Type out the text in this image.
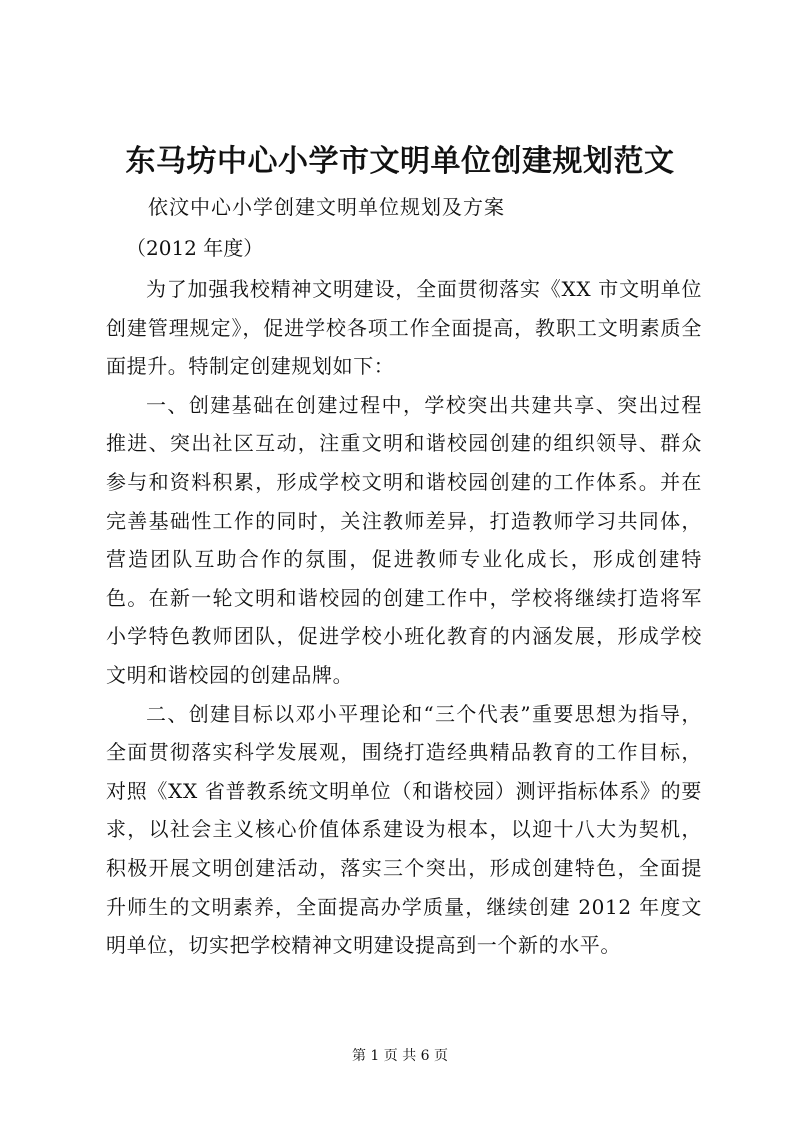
东马坊中心小学市文明单位创建规划范文

依汶中心小学创建文明单位规划及方案

（2012 年度）

为了加强我校精神文明建设，全面贯彻落实《XX 市文明单位创建管理规定》，促进学校各项工作全面提高，教职工文明素质全面提升。特制定创建规划如下：

一、创建基础在创建过程中，学校突出共建共享、突出过程推进、突出社区互动，注重文明和谐校园创建的组织领导、群众参与和资料积累，形成学校文明和谐校园创建的工作体系。并在完善基础性工作的同时，关注教师差异，打造教师学习共同体，营造团队互助合作的氛围，促进教师专业化成长，形成创建特色。在新一轮文明和谐校园的创建工作中，学校将继续打造将军小学特色教师团队，促进学校小班化教育的内涵发展，形成学校文明和谐校园的创建品牌。

二、创建目标以邓小平理论和“三个代表”重要思想为指导，全面贯彻落实科学发展观，围绕打造经典精品教育的工作目标，对照《XX 省普教系统文明单位（和谐校园）测评指标体系》的要求，以社会主义核心价值体系建设为根本，以迎十八大为契机，积极开展文明创建活动，落实三个突出，形成创建特色，全面提升师生的文明素养，全面提高办学质量，继续创建 2012 年度文明单位，切实把学校精神文明建设提高到一个新的水平。

第 1 页 共 6 页
